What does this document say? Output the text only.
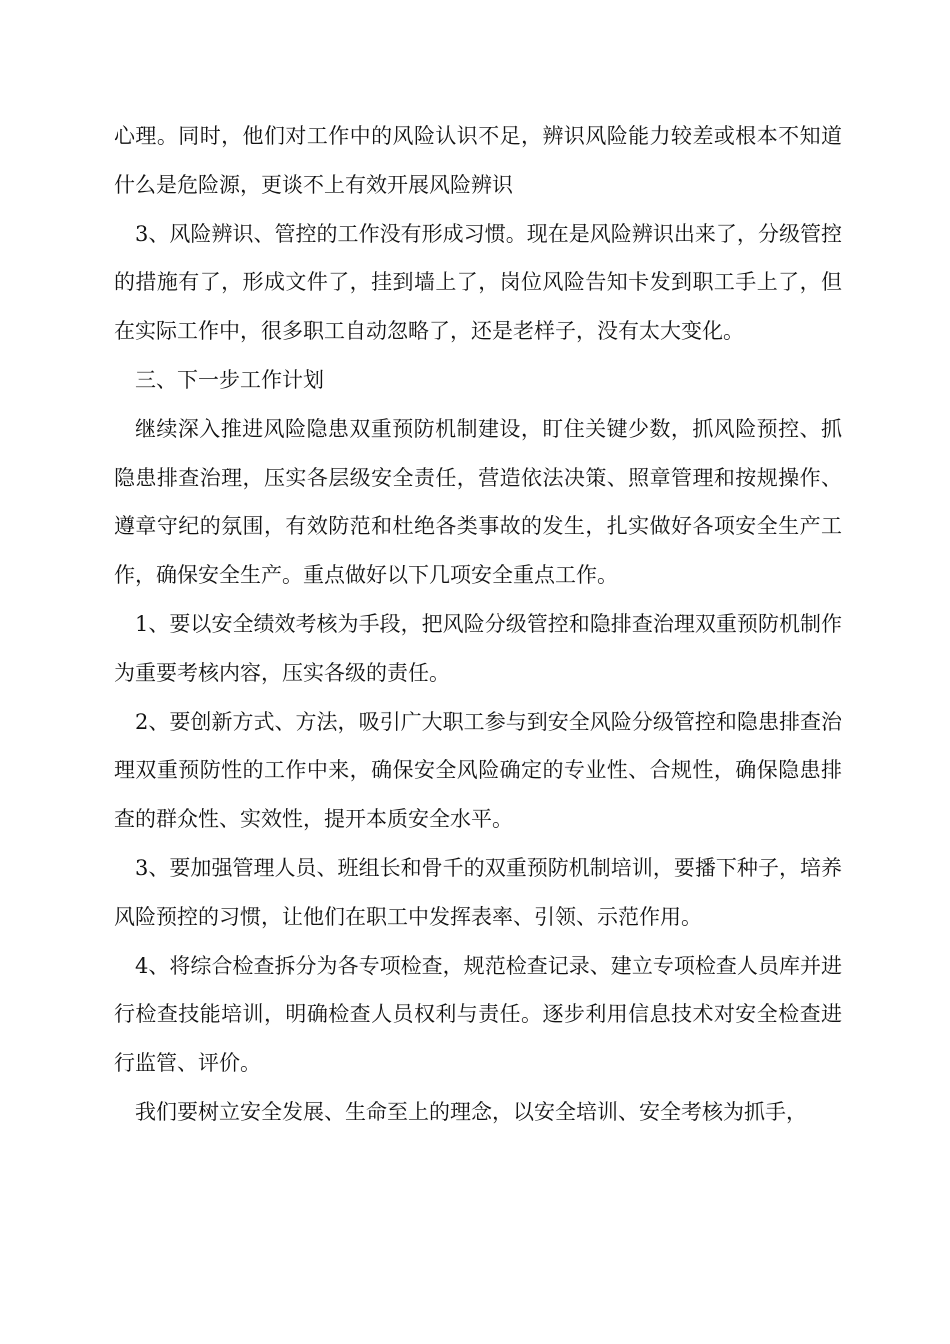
心理。同时，他们对工作中的风险认识不足，辨识风险能力较差或根本不知道什么是危险源，更谈不上有效开展风险辨识

3、风险辨识、管控的工作没有形成习惯。现在是风险辨识出来了，分级管控的措施有了，形成文件了，挂到墙上了，岗位风险告知卡发到职工手上了，但在实际工作中，很多职工自动忽略了，还是老样子，没有太大变化。

三、下一步工作计划

继续深入推进风险隐患双重预防机制建设，盯住关键少数，抓风险预控、抓隐患排查治理，压实各层级安全责任，营造依法决策、照章管理和按规操作、遵章守纪的氛围，有效防范和杜绝各类事故的发生，扎实做好各项安全生产工作，确保安全生产。重点做好以下几项安全重点工作。

1、要以安全绩效考核为手段，把风险分级管控和隐排查治理双重预防机制作为重要考核内容，压实各级的责任。

2、要创新方式、方法，吸引广大职工参与到安全风险分级管控和隐患排查治理双重预防性的工作中来，确保安全风险确定的专业性、合规性，确保隐患排查的群众性、实效性，提开本质安全水平。

3、要加强管理人员、班组长和骨千的双重预防机制培训，要播下种子，培养风险预控的习惯，让他们在职工中发挥表率、引领、示范作用。

4、将综合检查拆分为各专项检查，规范检查记录、建立专项检查人员库并进行检查技能培训，明确检查人员权利与责任。逐步利用信息技术对安全检查进行监管、评价。

我们要树立安全发展、生命至上的理念，以安全培训、安全考核为抓手，
